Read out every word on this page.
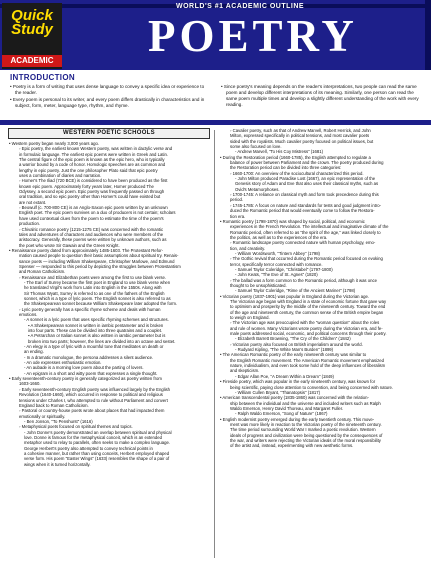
Quick
Study
ACADEMIC
WORLD'S #1 ACADEMIC OUTLINE
POETRY
INTRODUCTION

• Poetry is a form of writing that uses dense language to convey a specific idea or experience to the reader.

• Every poem is personal to its writer, and every poem differs drastically in characteristics and in subject, form, meter, language type, rhythm, and rhyme.

• Since poetry's meaning depends on the reader's interpretations, two people can read the same poem and develop different interpretations of its meaning. Similarly, one person can read the same poem multiple times and develop a slightly different understanding of the work with every reading.

WESTERN POETIC SCHOOLS
• Western poetry began nearly 3,000 years ago.
◦ Epic poetry, the earliest known Western poetry, was written in dactylic verse and
in formulaic language. The earliest epic poems were written in Greek and Latin.
The central figure of the epic poem is known as the epic hero, who is typically
a warrior bound by a code of honor. Homologic speeches are as common and
lengthy in epic poetry. Just the one philosopher Plato said that epic poetry
uses a combination of diaries and narration.
◦ Homer's The Iliad (720 BCE) is considered to have been produced as the first
known epic poem. Approximately forty years later, Homer produced The
Odyssey, a second epic poem. Epic poetry was frequently passed on through
oral tradition, and so epic poetry other than Homer's could have existed but
are not extant.
◦ Beowulf (c. 700-800 CE) is an Anglo-Saxon epic poem written by an unknown
English poet. The epic poem survives on a duo of producers is not certain; scholars
have used contextual clues from the poem to estimate the time of the poem's
production.
◦ Chivalric romance poetry (1215-1275 CE) was concerned with the romantic
tales and adventures of characters and audiences who were members of the
aristocracy. Generally, these poems were written by unknown authors, such as
the poet who wrote Sir Gawain and the Green Knight.
• Renaissance poetry dated from approximately 1485-1603. The Protestant Refor-
mation caused people to question their basic assumptions about spiritual try. Renais-
sance poets — including William Shakespeare, Christopher Marlowe, and Edmund
Spenser — responded to this period by depicting the struggles between Protestantism
and Roman Catholicism.
◦ Renaissance and Elizabethan poets were among the first to use blank verse.
- The Earl of Surrey became the first poet in England to use blank verse when
he translated Virgil's work from Latin into English in the 1550s. Along with
Sir Thomas Wyatt, Surrey is referred to as one of the fathers of the English
sonnet, which is a type of lyric poem. The English sonnet is also referred to as
the Shakespearean sonnet because William Shakespeare later adopted the form.
◦ Lyric poetry generally has a specific rhyme scheme and deals with human
emotions.
- A sonnet is a lyric poem that uses specific rhyming schemes and structures.
▪ A Shakespearean sonnet is written in iambic pentameter and is broken
into four parts. These can be divided into three quatrains and a couplet.
▪ A Petrarchan or Italian sonnet is also written in iambic pentameter but is
broken into two parts; however, the lines are divided into an octave and sestet.
- An elegy is a type of lyric with a mournful tone that meditates on death or
an ending.
- In a dramatic monologue, the persona addresses a silent audience.
- An ode expresses enthusiastic emotion.
- An aubade is a morning love poem about the parting of lovers.
- An epigram is a short and witty poem that expresses a single thought.
• Early seventeenth-century poetry is generally categorized as poetry written from
1603-1660.
◦ Early seventeenth-century English poetry was influenced largely by the English
Revolution (1640-1660), which occurred in response to political and religious
tensions under Charles I, who attempted to rule without Parliament and convert
England back to Roman Catholicism.
◦ Pastoral or country-house poets wrote about places that had impacted them
emotionally or spiritually.
- Ben Jonson, "To Penshurst" (1616)
◦ Metaphysical poets focused on spiritual themes and topics.
- John Donne's poetry demonstrated an overlap between spiritual and physical
love. Donne is famous for the metaphysical conceit, which is an extended
metaphor used to relay to parallels, often seeks to make a complex language.
George Herbert's poetry also attempted to convey technical points in
a cohesive manner, but rather than using conceits, Herbert employed shaped
verse form. His poem "Easter Wings" (1633) resembles the shape of a pair of
wings when it is turned horizontally.
◦ Cavalier poetry, such as that of Andrew Marvell, Robert Herrick, and John
Milton, expressed specifically in political tensions, and most cavalier poets
sided with the royalists. Much cavalier poetry focused on political issues, but
some also focused on love.
- Andrew Marvell, "To His Coy Mistress" (1681)
• During the Restoration period (1660-1785), the English attempted to regulate a
balance of power between Parliament and the crown. The poetry produced during
the Restoration period can be divided into three categories:
◦ 1660-1700: An overview of the sociocultural characterized this period.
- John Milton produced Paradise Lost (1667), an epic representation of the
Genesis story of Adam and Eve that also uses their classical myths, such as
Ovid's Metamorphoses.
◦ 1700-1745: A reliance on classical myth and form took precedence during this
period.
◦ 1745-1785: A focus on nature and standards for tests and good judgment intro-
duced the Romantic period that would eventually come to follow the Restora-
tion era.
• Romantic poetry (1798-1870) was shaped by social, political, and economic
experiences in the French Revolution. The intellectual and imaginative climate of the
Romantic period, often referred to as "the spirit of the age," was linked closely to
the politics, as well as to the experiences of the era.
◦ Romantic landscape poetry connected nature with human psychology, emo-
tion, and creativity.
- William Wordsworth, "Tintern Abbey" (1798)
◦ The Gothic revival that occurred during the Romantic period focused on evoking
terror, specifically terror connected with romance.
- Samuel Taylor Coleridge, "Christabel" (1797-1800)
- John Keats, "The Eve of St. Agnes" (1820)
◦ The ballad was a form common to the Romantic period, although it was once
thought to be unsophisticated.
- Samuel Taylor Coleridge, "Rime of the Ancient Mariner" (1798)
• Victorian poetry (1837-1901) was popular in England during the Victorian age.
The Victorian age began with England in a state of economic fortune that gave way
to optimism and prosperity by the middle of the nineteenth century. Toward the end
of the age and nineteenth century, the common sense of the British empire began
to weigh on England.
◦ The Victorian age was preoccupied with the "woman question" about the roles
and rule of women. Many Victorians wrote poetry during the Victorian era, and fe-
male poets addressed social, economic, and political concerns through their poetry.
- Elizabeth Barrett Browning, "The Cry of the Children" (1842)
◦ Victorian poetry also focused on British imperialism around the world.
- Rudyard Kipling, "The White Man's Burden" (1899)
• The American Romantic poetry of the early nineteenth century was similar to
the English Romantic movement. The American Romantic movement emphasized
nature, individualism, and even took some hold of the deep influences of liberalism
and skepticism.
- Edgar Allan Poe, "A Dream Within a Dream" (1849)
• Fireside poetry, which was popular in the early nineteenth century, was known for
being scientific, paying close attention to convention, and being concerned with nature.
- William Cullen Bryant, "Thanatopsis" (1817)
• American transcendental poetry (1835-1860) was concerned with the relation-
ship between the individual and the universe and included writers such as Ralph
Waldo Emerson, Henry David Thoreau, and Margaret Fuller.
- Ralph Waldo Emerson, "Song of Nature" (1867)
• English modernist poetry emerged during the early twentieth century. This move-
ment was more likely in reaction to the Victorian poetry of the nineteenth century.
The time period surrounding World War I marked a poetic revolution. Western
ideals of progress and civilization were being questioned by the consequences of
the war, and writers were rejecting the Victorian ideals of the moral responsibility
of the artist and, instead, experimenting with new aesthetic forms.
